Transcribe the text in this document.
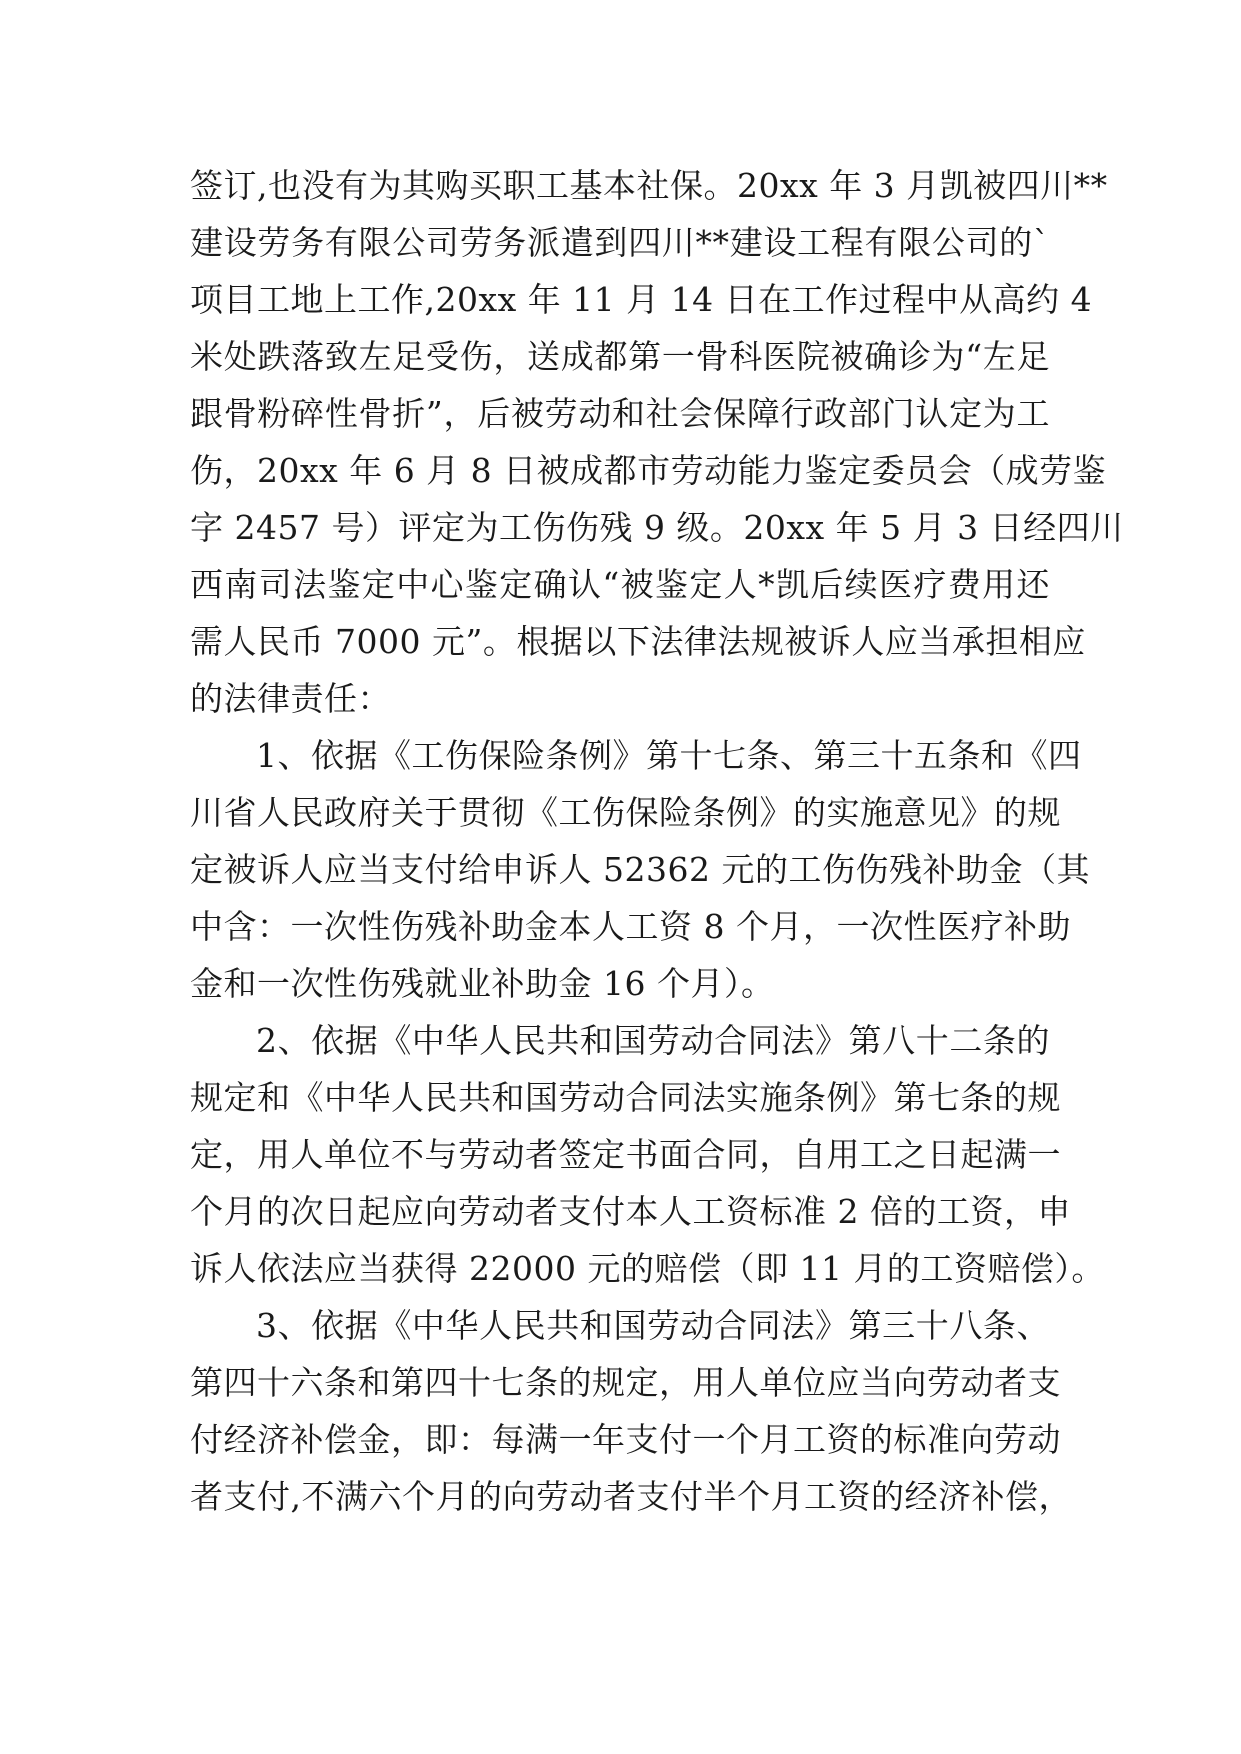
签订,也没有为其购买职工基本社保。20xx 年 3 月凯被四川**
建设劳务有限公司劳务派遣到四川**建设工程有限公司的`
项目工地上工作,20xx 年 11 月 14 日在工作过程中从高约 4
米处跌落致左足受伤，送成都第一骨科医院被确诊为“左足
跟骨粉碎性骨折”，后被劳动和社会保障行政部门认定为工
伤，20xx 年 6 月 8 日被成都市劳动能力鉴定委员会（成劳鉴
字 2457 号）评定为工伤伤残 9 级。20xx 年 5 月 3 日经四川
西南司法鉴定中心鉴定确认“被鉴定人*凯后续医疗费用还
需人民币 7000 元”。根据以下法律法规被诉人应当承担相应
的法律责任：
1、依据《工伤保险条例》第十七条、第三十五条和《四
川省人民政府关于贯彻《工伤保险条例》的实施意见》的规
定被诉人应当支付给申诉人 52362 元的工伤伤残补助金（其
中含：一次性伤残补助金本人工资 8 个月，一次性医疗补助
金和一次性伤残就业补助金 16 个月）。
2、依据《中华人民共和国劳动合同法》第八十二条的
规定和《中华人民共和国劳动合同法实施条例》第七条的规
定，用人单位不与劳动者签定书面合同，自用工之日起满一
个月的次日起应向劳动者支付本人工资标准 2 倍的工资，申
诉人依法应当获得 22000 元的赔偿（即 11 月的工资赔偿）。
3、依据《中华人民共和国劳动合同法》第三十八条、
第四十六条和第四十七条的规定，用人单位应当向劳动者支
付经济补偿金，即：每满一年支付一个月工资的标准向劳动
者支付,不满六个月的向劳动者支付半个月工资的经济补偿，
